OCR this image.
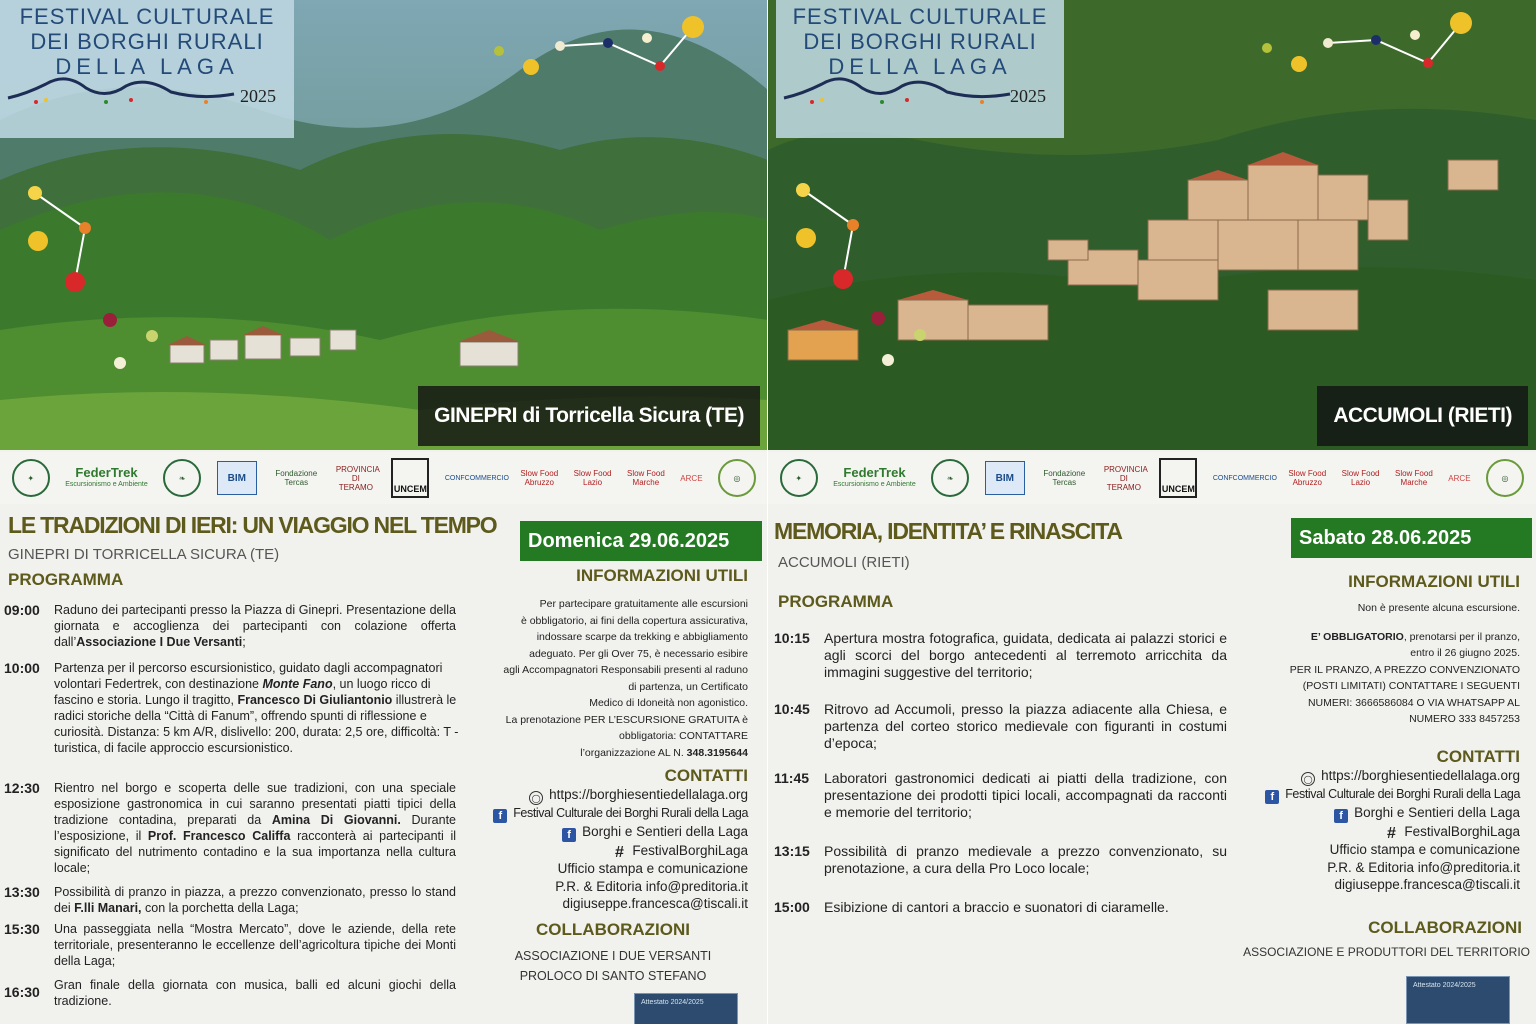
FESTIVAL CULTURALE
DEI BORGHI RURALI
DELLA LAGA
2025
GINEPRI di Torricella Sicura (TE)
✦	FederTrek
Escursionismo e Ambiente
❧	BIM	Fondazione Tercas
PROVINCIA DI TERAMO	UNCEM
CONFCOMMERCIO Slow Food
Abruzzo
Slow Food
Lazio
Slow Food
Marche	ARCE	◎
LE TRADIZIONI DI IERI: UN VIAGGIO NEL TEMPO
GINEPRI DI TORRICELLA SICURA (TE)
Domenica 29.06.2025
PROGRAMMA
09:00	Raduno dei partecipanti presso la Piazza di Ginepri. Presentazione della giornata e accoglienza dei partecipanti con colazione offerta dall’Associazione I Due Versanti;
10:00	Partenza per il percorso escursionistico, guidato dagli accompagnatori volontari Federtrek, con destinazione Monte Fano, un luogo ricco di fascino e storia. Lungo il tragitto, Francesco Di Giuliantonio illustrerà le radici storiche della “Città di Fanum”, offrendo spunti di riflessione e curiosità. Distanza: 5 km A/R, dislivello: 200, durata: 2,5 ore, difficoltà: T - turistica, di facile approccio escursionistico.
12:30	Rientro nel borgo e scoperta delle sue tradizioni, con una speciale esposizione gastronomica in cui saranno presentati piatti tipici della tradizione contadina, preparati da Amina Di Giovanni. Durante l’esposizione, il Prof. Francesco Califfa racconterà ai partecipanti il significato del nutrimento contadino e la sua importanza nella cultura locale;
13:30	Possibilità di pranzo in piazza, a prezzo convenzionato, presso lo stand dei F.lli Manari, con la porchetta della Laga;
15:30	Una passeggiata nella “Mostra Mercato”, dove le aziende, della rete territoriale, presenteranno le eccellenze dell’agricoltura tipiche dei Monti della Laga;
16:30	Gran finale della giornata con musica, balli ed alcuni giochi della tradizione.
INFORMAZIONI UTILI
Per partecipare gratuitamente alle escursioni
è obbligatorio, ai fini della copertura assicurativa,
indossare scarpe da trekking e abbigliamento
adeguato. Per gli Over 75, è necessario esibire
agli Accompagnatori Responsabili presenti al raduno
di partenza, un Certificato
Medico di Idoneità non agonistico.
La prenotazione PER L’ESCURSIONE GRATUITA è
obbligatoria: CONTATTARE
l’organizzazione AL N. 348.3195644
CONTATTI
◯ https://borghiesentiedellalaga.org
f Festival Culturale dei Borghi Rurali della Laga
f Borghi e Sentieri della Laga
# FestivalBorghiLaga
Ufficio stampa e comunicazione
P.R. & Editoria info@preditoria.it
digiuseppe.francesca@tiscali.it
COLLABORAZIONI
ASSOCIAZIONE I DUE VERSANTI
PROLOCO DI SANTO STEFANO
Attestato 2024/2025
FESTIVAL CULTURALE
DEI BORGHI RURALI
DELLA LAGA
2025
ACCUMOLI (RIETI)
✦	FederTrek
Escursionismo e Ambiente
❧	BIM	Fondazione Tercas
PROVINCIA DI TERAMO	UNCEM
CONFCOMMERCIO Slow Food
Abruzzo
Slow Food
Lazio
Slow Food
Marche	ARCE	◎
MEMORIA, IDENTITA’ E RINASCITA
ACCUMOLI (RIETI)
Sabato 28.06.2025
PROGRAMMA
10:15	Apertura mostra fotografica, guidata, dedicata ai palazzi storici e agli scorci del borgo antecedenti al terremoto arricchita da immagini suggestive del territorio;
10:45	Ritrovo ad Accumoli, presso la piazza adiacente alla Chiesa, e partenza del corteo storico medievale con figuranti in costumi d’epoca;
11:45	Laboratori gastronomici dedicati ai piatti della tradizione, con presentazione dei prodotti tipici locali, accompagnati da racconti e memorie del territorio;
13:15	Possibilità di pranzo medievale a prezzo convenzionato, su prenotazione, a cura della Pro Loco locale;
15:00	Esibizione di cantori a braccio e suonatori di ciaramelle.
INFORMAZIONI UTILI
Non è presente alcuna escursione.
E’ OBBLIGATORIO, prenotarsi per il pranzo,
entro il 26 giugno 2025.
PER IL PRANZO, A PREZZO CONVENZIONATO
(POSTI LIMITATI) CONTATTARE I SEGUENTI
NUMERI: 3666586084 O VIA WHATSAPP AL
NUMERO 333 8457253
CONTATTI
◯ https://borghiesentiedellalaga.org
f Festival Culturale dei Borghi Rurali della Laga
f Borghi e Sentieri della Laga
# FestivalBorghiLaga
Ufficio stampa e comunicazione
P.R. & Editoria info@preditoria.it
digiuseppe.francesca@tiscali.it
COLLABORAZIONI
ASSOCIAZIONE E PRODUTTORI DEL TERRITORIO
Attestato 2024/2025
